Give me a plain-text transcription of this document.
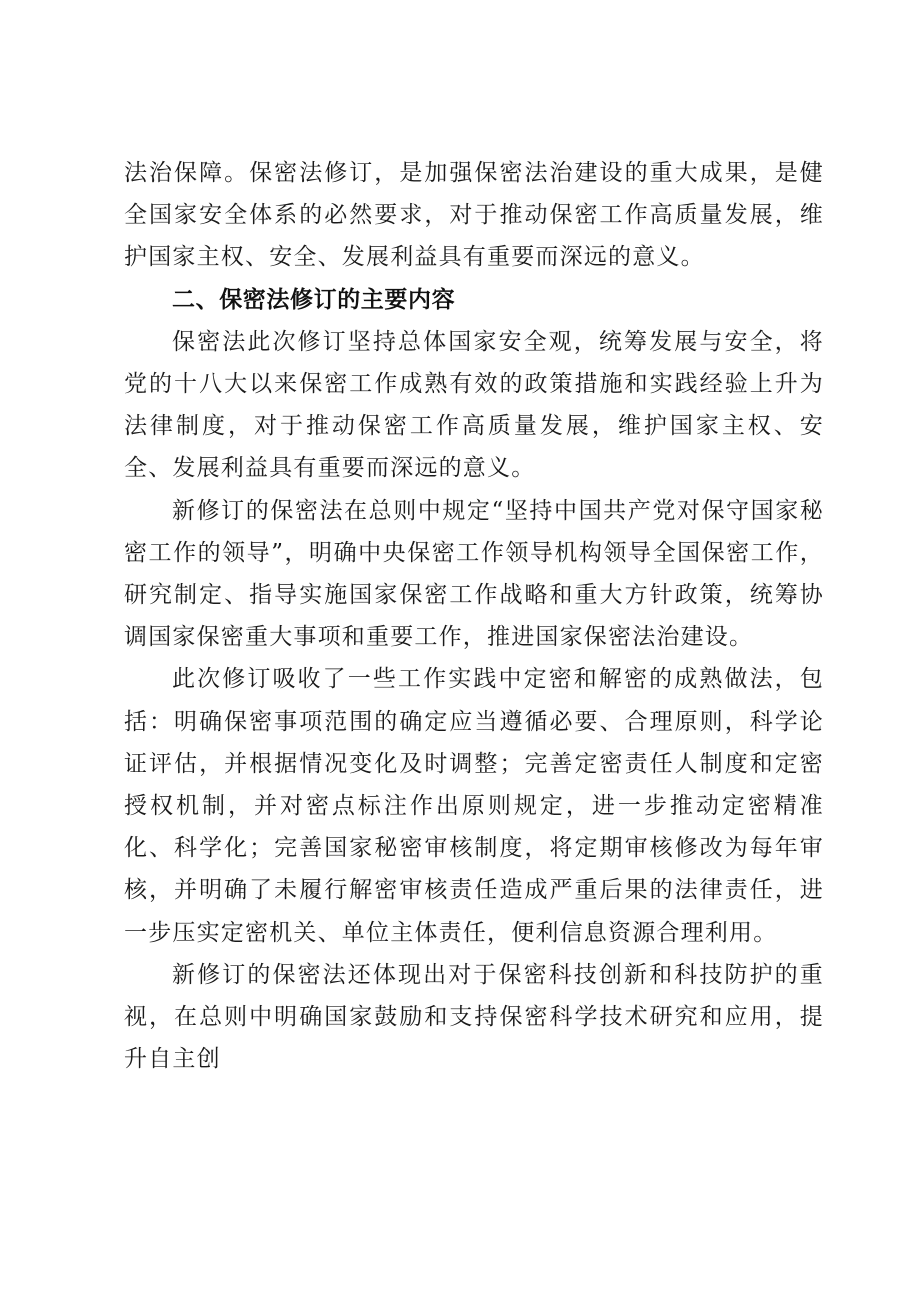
法治保障。保密法修订，是加强保密法治建设的重大成果，是健全国家安全体系的必然要求，对于推动保密工作高质量发展，维护国家主权、安全、发展利益具有重要而深远的意义。

二、保密法修订的主要内容

保密法此次修订坚持总体国家安全观，统筹发展与安全，将党的十八大以来保密工作成熟有效的政策措施和实践经验上升为法律制度，对于推动保密工作高质量发展，维护国家主权、安全、发展利益具有重要而深远的意义。

新修订的保密法在总则中规定“坚持中国共产党对保守国家秘密工作的领导”，明确中央保密工作领导机构领导全国保密工作，研究制定、指导实施国家保密工作战略和重大方针政策，统筹协调国家保密重大事项和重要工作，推进国家保密法治建设。

此次修订吸收了一些工作实践中定密和解密的成熟做法，包括：明确保密事项范围的确定应当遵循必要、合理原则，科学论证评估，并根据情况变化及时调整；完善定密责任人制度和定密授权机制，并对密点标注作出原则规定，进一步推动定密精准化、科学化；完善国家秘密审核制度，将定期审核修改为每年审核，并明确了未履行解密审核责任造成严重后果的法律责任，进一步压实定密机关、单位主体责任，便利信息资源合理利用。

新修订的保密法还体现出对于保密科技创新和科技防护的重视，在总则中明确国家鼓励和支持保密科学技术研究和应用，提升自主创
